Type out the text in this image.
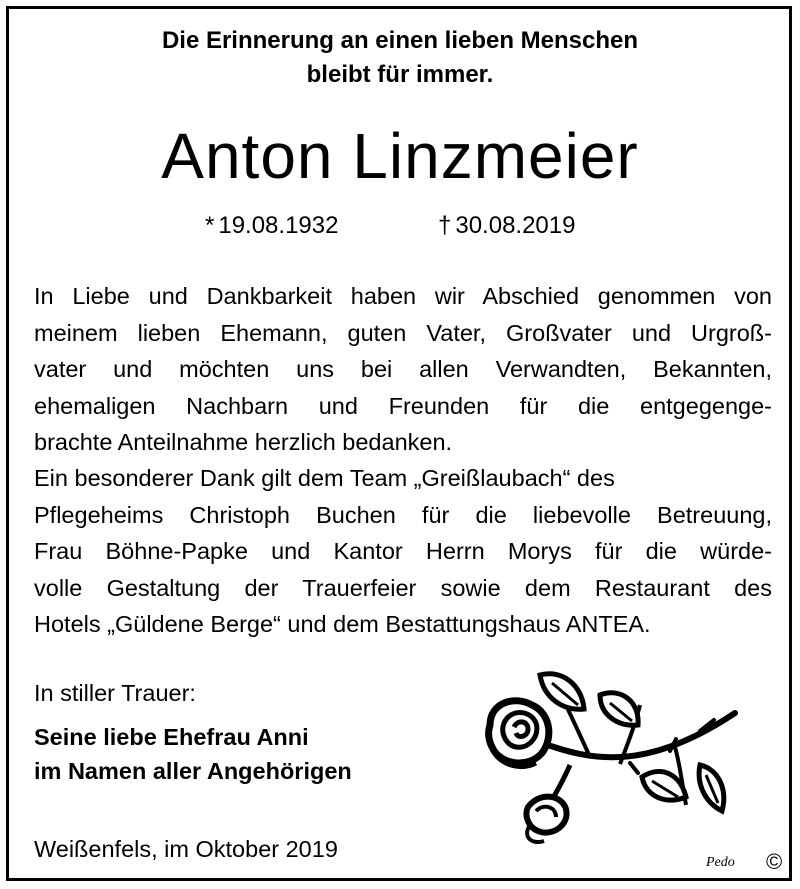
Die Erinnerung an einen lieben Menschen
bleibt für immer.
Anton Linzmeier
* 19.08.1932	† 30.08.2019
In Liebe und Dankbarkeit haben wir Abschied genommen von
meinem lieben Ehemann, guten Vater, Großvater und Urgroß-
vater und möchten uns bei allen Verwandten, Bekannten,
ehemaligen Nachbarn und Freunden für die entgegenge-
brachte Anteilnahme herzlich bedanken.
Ein besonderer Dank gilt dem Team „Greißlaubach“ des
Pflegeheims Christoph Buchen für die liebevolle Betreuung,
Frau Böhne-Papke und Kantor Herrn Morys für die würde-
volle Gestaltung der Trauerfeier sowie dem Restaurant des
Hotels „Güldene Berge“ und dem Bestattungshaus ANTEA.
In stiller Trauer:
Seine liebe Ehefrau Anni
im Namen aller Angehörigen
Weißenfels, im Oktober 2019
Pedo ©
